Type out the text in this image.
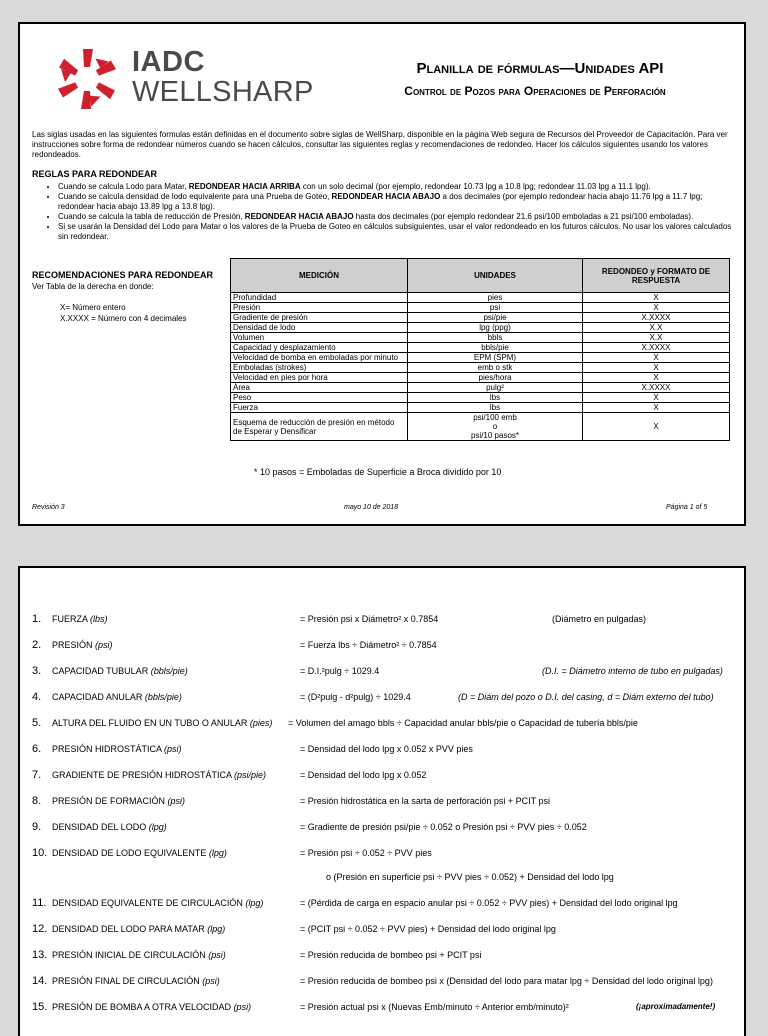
IADC
WELLSHARP
Planilla de fórmulas—Unidades API
Control de Pozos para Operaciones de Perforación
Las siglas usadas en las siguientes formulas están definidas en el documento sobre siglas de WellSharp, disponible en la página Web segura de Recursos del Proveedor de Capacitación. Para ver instrucciones sobre forma de redondear números cuando se hacen cálculos, consultar las siguientes reglas y recomendaciones de redondeo. Hacer los cálculos siguientes usando los valores redondeados.
REGLAS PARA REDONDEAR
• Cuando se calcula Lodo para Matar, REDONDEAR HACIA ARRIBA con un solo decimal (por ejemplo, redondear 10.73 lpg a 10.8 lpg; redondear 11.03 lpg a 11.1 lpg).
• Cuando se calcula densidad de lodo equivalente para una Prueba de Goteo, REDONDEAR HACIA ABAJO a dos decimales (por ejemplo redondear hacia abajo 11.76 lpg a 11.7 lpg; redondear hacia abajo 13.89 lpg a 13.8 lpg).
• Cuando se calcula la tabla de reducción de Presión, REDONDEAR HACIA ABAJO hasta dos decimales (por ejemplo redondear 21.6 psi/100 emboladas a 21 psi/100 emboladas).
• Si se usarán la Densidad del Lodo para Matar o los valores de la Prueba de Goteo en cálculos subsiguientes, usar el valor redondeado en los futuros cálculos. No usar los valores calculados sin redondear.
RECOMENDACIONES PARA REDONDEAR
Ver Tabla de la derecha en donde:
X= Número entero
X.XXXX = Número con 4 decimales
MEDICIÓN	UNIDADES	REDONDEO y FORMATO DE RESPUESTA
Profundidad	pies	X
Presión	psi	X
Gradiente de presión	psi/pie	X.XXXX
Densidad de lodo	lpg (ppg)	X.X
Volumen	bbls	X.X
Capacidad y desplazamiento	bbls/pie	X.XXXX
Velocidad de bomba en emboladas por minuto	EPM (SPM)	X
Emboladas (strokes)	emb o stk	X
Velocidad en pies por hora	pies/hora	X
Área	pulg²	X.XXXX
Peso	lbs	X
Fuerza	lbs	X
Esquema de reducción de presión en método de Esperar y Densificar	psi/100 emb
o
psi/10 pasos*	X
* 10 pasos = Emboladas de Superficie a Broca dividido por 10
Revisión 3	mayo 10 de 2018	Página 1 of 5
1. FUERZA (lbs)	= Presión psi x Diámetro² x 0.7854	(Diámetro en pulgadas)
2. PRESIÓN (psi)	= Fuerza lbs ÷ Diámetro² ÷ 0.7854
3. CAPACIDAD TUBULAR (bbls/pie)	= D.I.²pulg ÷ 1029.4	(D.I. = Diámetro interno de tubo en pulgadas)
4. CAPACIDAD ANULAR (bbls/pie)	= (D²pulg - d²pulg) ÷ 1029.4	(D = Diám del pozo o D.I. del casing, d = Diám externo del tubo)
5. ALTURA DEL FLUIDO EN UN TUBO O ANULAR (pies) = Volumen del amago bbls ÷ Capacidad anular bbls/pie o Capacidad de tubería bbls/pie
6. PRESIÓN HIDROSTÁTICA (psi)	= Densidad del lodo lpg x 0.052 x PVV pies
7. GRADIENTE DE PRESIÓN HIDROSTÁTICA (psi/pie)	= Densidad del lodo lpg x 0.052
8. PRESIÓN DE FORMACIÓN (psi)	= Presión hidrostática en la sarta de perforación psi + PCIT psi
9. DENSIDAD DEL LODO (lpg)	= Gradiente de presión psi/pie ÷ 0.052 o Presión psi ÷ PVV pies ÷ 0.052
10. DENSIDAD DE LODO EQUIVALENTE (lpg)	= Presión psi ÷ 0.052 ÷ PVV pies
o (Presión en superficie psi ÷ PVV pies ÷ 0.052) + Densidad del lodo lpg
11. DENSIDAD EQUIVALENTE DE CIRCULACIÓN (lpg)	= (Pérdida de carga en espacio anular psi ÷ 0.052 ÷ PVV pies) + Densidad del lodo original lpg
12. DENSIDAD DEL LODO PARA MATAR (lpg)	= (PCIT psi ÷ 0.052 ÷ PVV pies) + Densidad del lodo original lpg
13. PRESIÓN INICIAL DE CIRCULACIÓN (psi)	= Presión reducida de bombeo psi + PCIT psi
14. PRESIÓN FINAL DE CIRCULACIÓN (psi)	= Presión reducida de bombeo psi x (Densidad del lodo para matar lpg ÷ Densidad del lodo original lpg)
15. PRESIÓN DE BOMBA A OTRA VELOCIDAD (psi)	= Presión actual psi x (Nuevas Emb/minuto ÷ Anterior emb/minuto)²	(¡aproximadamente!)
